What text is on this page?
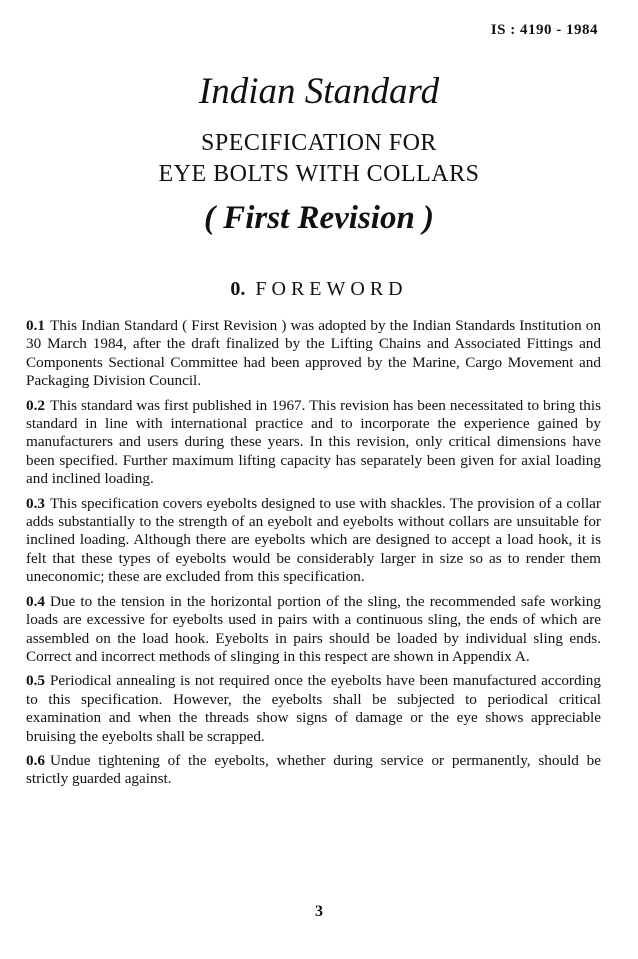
IS : 4190 - 1984
Indian Standard
SPECIFICATION FOR
EYE BOLTS WITH COLLARS
( First Revision )
0. FOREWORD

0.1 This Indian Standard ( First Revision ) was adopted by the Indian Standards Institution on 30 March 1984, after the draft finalized by the Lifting Chains and Associated Fittings and Components Sectional Committee had been approved by the Marine, Cargo Movement and Packaging Division Council.

0.2 This standard was first published in 1967. This revision has been necessitated to bring this standard in line with international practice and to incorporate the experience gained by manufacturers and users during these years. In this revision, only critical dimensions have been specified. Further maximum lifting capacity has separately been given for axial loading and inclined loading.

0.3 This specification covers eyebolts designed to use with shackles. The provision of a collar adds substantially to the strength of an eyebolt and eyebolts without collars are unsuitable for inclined loading. Although there are eyebolts which are designed to accept a load hook, it is felt that these types of eyebolts would be considerably larger in size so as to render them uneconomic; these are excluded from this specification.

0.4 Due to the tension in the horizontal portion of the sling, the recommended safe working loads are excessive for eyebolts used in pairs with a continuous sling, the ends of which are assembled on the load hook. Eyebolts in pairs should be loaded by individual sling ends. Correct and incorrect methods of slinging in this respect are shown in Appendix A.

0.5 Periodical annealing is not required once the eyebolts have been manufactured according to this specification. However, the eyebolts shall be subjected to periodical critical examination and when the threads show signs of damage or the eye shows appreciable bruising the eyebolts shall be scrapped.

0.6 Undue tightening of the eyebolts, whether during service or permanently, should be strictly guarded against.

3
